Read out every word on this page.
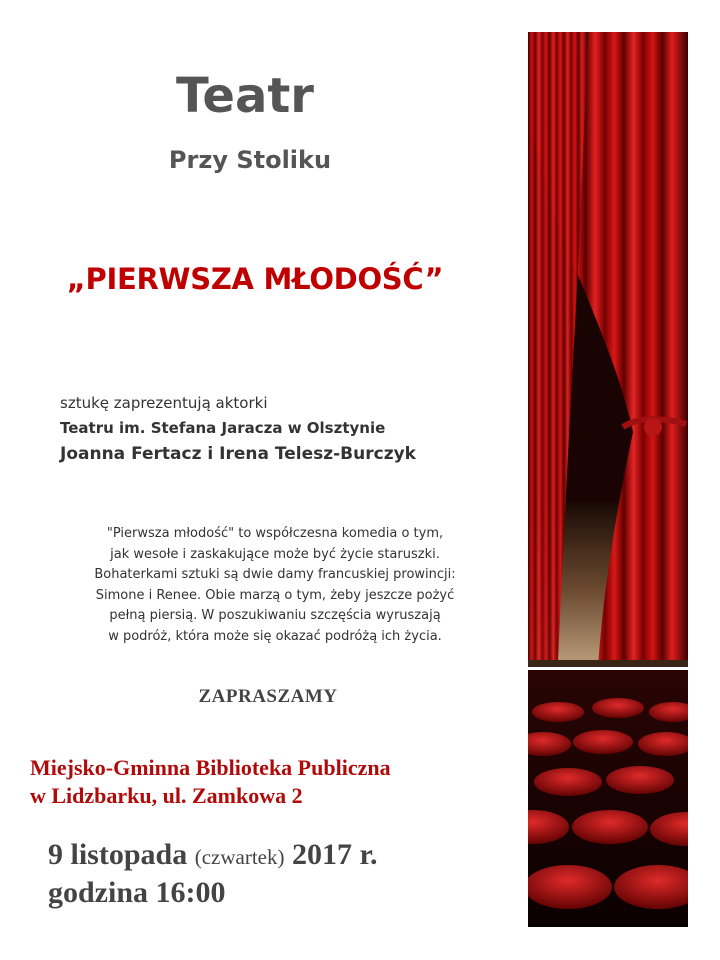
Teatr
Przy Stoliku
„PIERWSZA MŁODOŚĆ”
sztukę zaprezentują aktorki
Teatru im. Stefana Jaracza w Olsztynie
Joanna Fertacz i Irena Telesz-Burczyk
"Pierwsza młodość" to współczesna komedia o tym,
jak wesołe i zaskakujące może być życie staruszki.
Bohaterkami sztuki są dwie damy francuskiej prowincji:
Simone i Renee. Obie marzą o tym, żeby jeszcze pożyć
pełną piersią. W poszukiwaniu szczęścia wyruszają
w podróż, która może się okazać podróżą ich życia.
ZAPRASZAMY
Miejsko-Gminna Biblioteka Publiczna
w Lidzbarku, ul. Zamkowa 2
9 listopada (czwartek) 2017 r.
godzina 16:00
